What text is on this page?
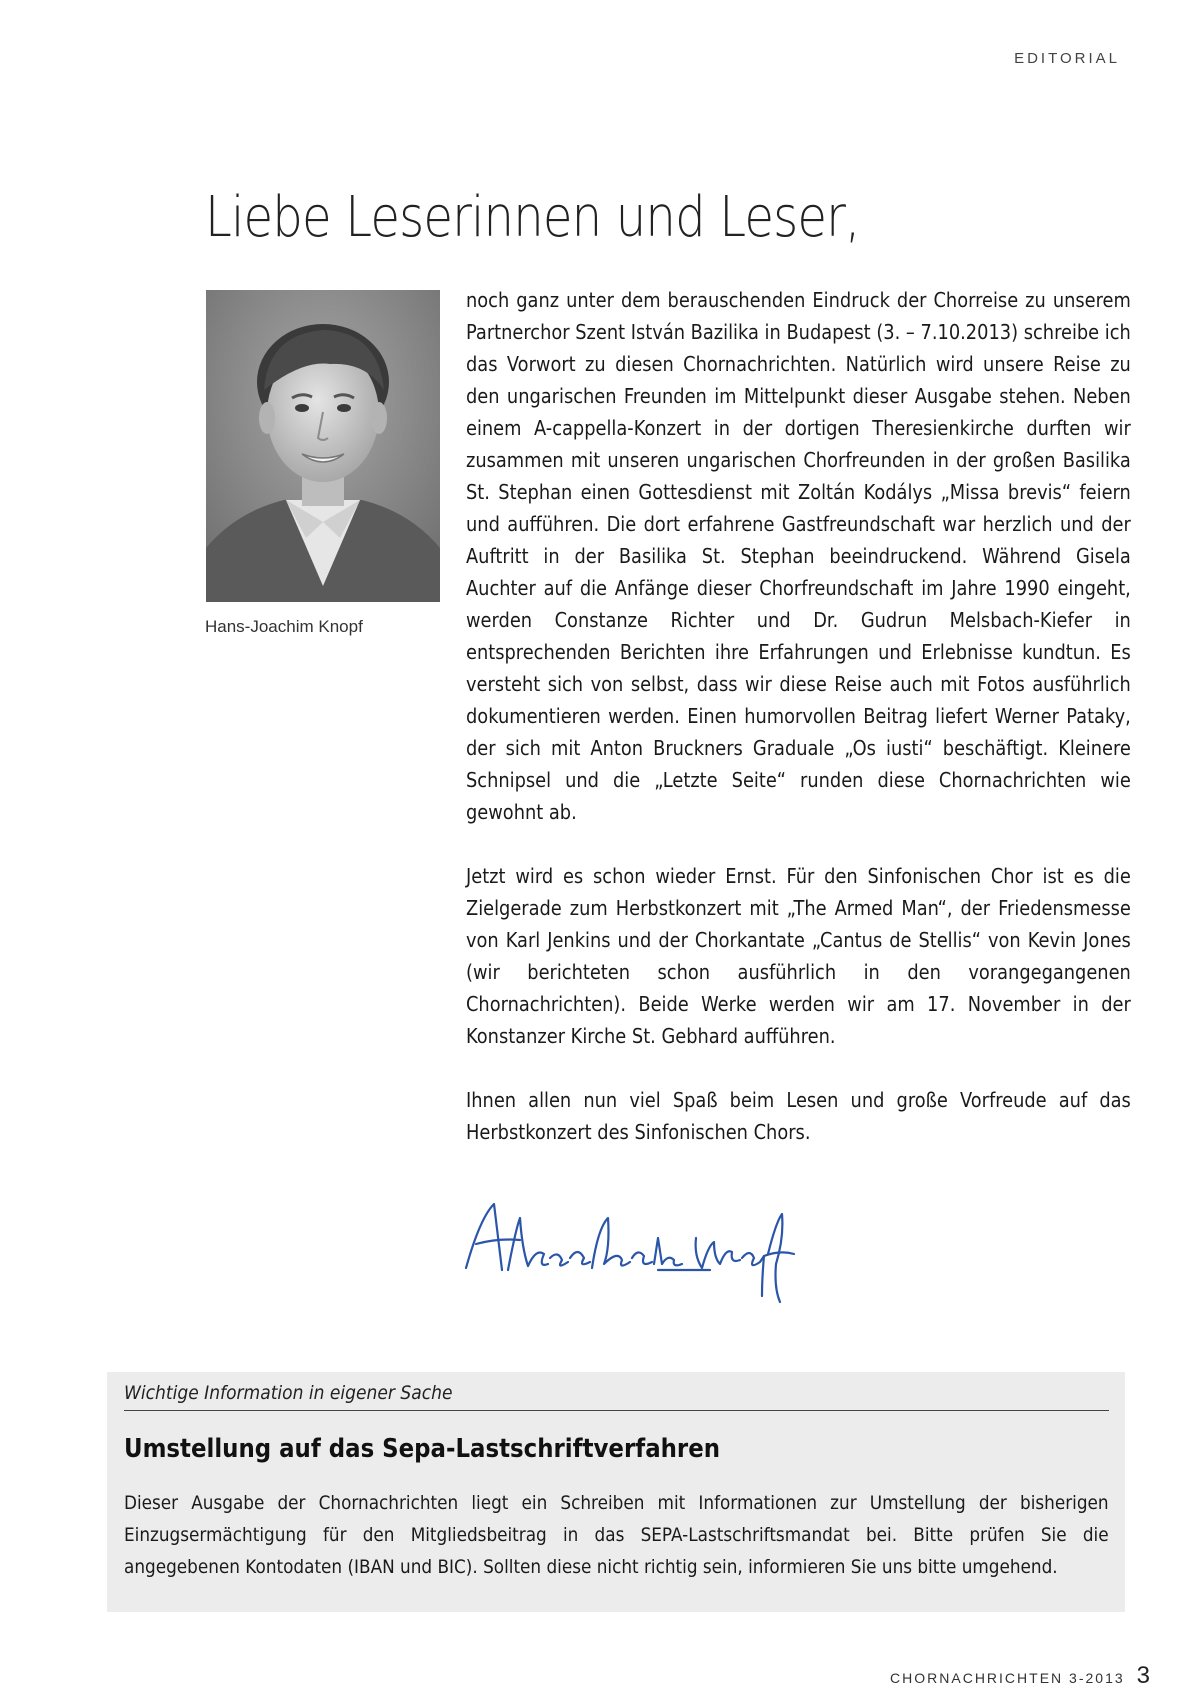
EDITORIAL
Liebe Leserinnen und Leser,
Hans-Joachim Knopf

noch ganz unter dem berauschenden Eindruck der Chorreise zu unserem Partnerchor Szent István Bazilika in Budapest (3. – 7.10.2013) schreibe ich das Vorwort zu diesen Chornachrichten. Natürlich wird unsere Reise zu den ungarischen Freunden im Mittelpunkt dieser Ausgabe stehen. Neben einem A-cappella-Konzert in der dortigen Theresienkirche durften wir zusammen mit unseren ungarischen Chorfreunden in der großen Basilika St. Stephan einen Gottesdienst mit Zoltán Kodálys „Missa brevis“ feiern und aufführen. Die dort erfahrene Gastfreundschaft war herzlich und der Auftritt in der Basilika St. Stephan beeindruckend. Während Gisela Auchter auf die Anfänge dieser Chorfreundschaft im Jahre 1990 eingeht, werden Constanze Richter und Dr. Gudrun Melsbach-Kiefer in entsprechenden Berichten ihre Erfahrungen und Erlebnisse kundtun. Es versteht sich von selbst, dass wir diese Reise auch mit Fotos ausführlich dokumentieren werden. Einen humorvollen Beitrag liefert Werner Pataky, der sich mit Anton Bruckners Graduale „Os iusti“ beschäftigt. Kleinere Schnipsel und die „Letzte Seite“ runden diese Chornachrichten wie gewohnt ab.

Jetzt wird es schon wieder Ernst. Für den Sinfonischen Chor ist es die Zielgerade zum Herbstkonzert mit „The Armed Man“, der Friedensmesse von Karl Jenkins und der Chorkantate „Cantus de Stellis“ von Kevin Jones (wir berichteten schon ausführlich in den vorangegangenen Chornachrichten). Beide Werke werden wir am 17. November in der Konstanzer Kirche St. Gebhard aufführen.

Ihnen allen nun viel Spaß beim Lesen und große Vorfreude auf das Herbstkonzert des Sinfonischen Chors.

Wichtige Information in eigener Sache
Umstellung auf das Sepa-Lastschriftverfahren

Dieser Ausgabe der Chornachrichten liegt ein Schreiben mit Informationen zur Umstellung der bisherigen Einzugsermächtigung für den Mitgliedsbeitrag in das SEPA-Lastschriftsmandat bei. Bitte prüfen Sie die angegebenen Kontodaten (IBAN und BIC). Sollten diese nicht richtig sein, informieren Sie uns bitte umgehend.

CHORNACHRICHTEN 3-2013 3
